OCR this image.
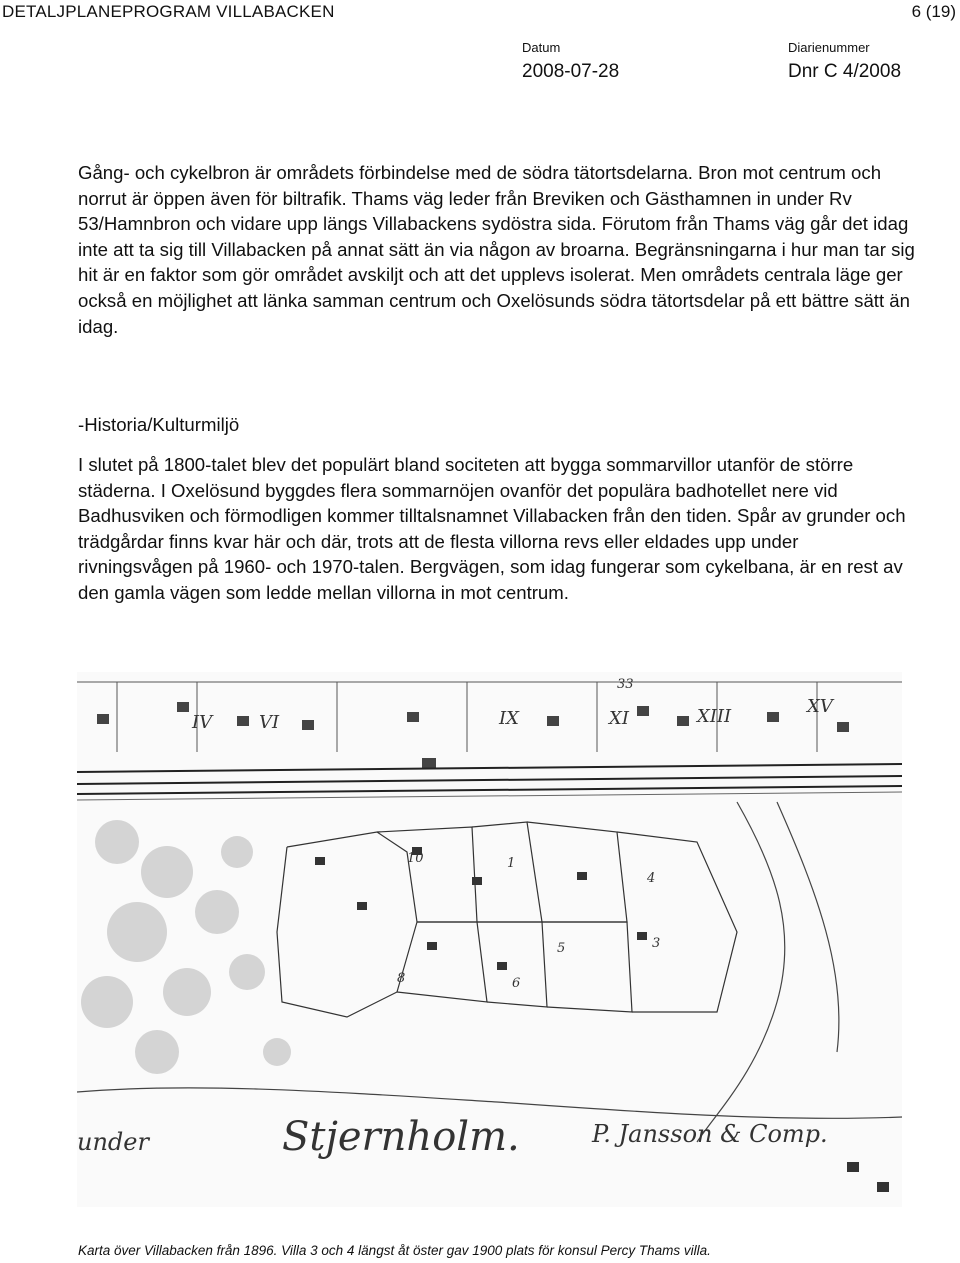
DETALJPLANEPROGRAM VILLABACKEN	6 (19)
Datum
2008-07-28
Diarienummer
Dnr C 4/2008

Gång- och cykelbron är områdets förbindelse med de södra tätortsdelarna. Bron mot centrum och norrut är öppen även för biltrafik. Thams väg leder från Breviken och Gästhamnen in under Rv 53/Hamnbron och vidare upp längs Villabackens sydöstra sida. Förutom från Thams väg går det idag inte att ta sig till Villabacken på annat sätt än via någon av broarna. Begränsningarna i hur man tar sig hit är en faktor som gör området avskiljt och att det upplevs isolerat. Men områdets centrala läge ger också en möjlighet att länka samman centrum och Oxelösunds södra tätortsdelar på ett bättre sätt än idag.

-Historia/Kulturmiljö

I slutet på 1800-talet blev det populärt bland sociteten att bygga sommarvillor utanför de större städerna. I Oxelösund byggdes flera sommarnöjen ovanför det populära badhotellet nere vid Badhusviken och förmodligen kommer tilltalsnamnet Villabacken från den tiden. Spår av grunder och trädgårdar finns kvar här och där, trots att de flesta villorna revs eller eldades upp under rivningsvågen på 1960- och 1970-talen. Bergvägen, som idag fungerar som cykelbana, är en rest av den gamla vägen som ledde mellan villorna in mot centrum.

IV	VI	IX	XI	XIII	XV
10	1
4
3
5
6
8
33
under	Stjernholm.	P. Jansson & Comp.
Karta över Villabacken från 1896. Villa 3 och 4 längst åt öster gav 1900 plats för konsul Percy Thams villa.
